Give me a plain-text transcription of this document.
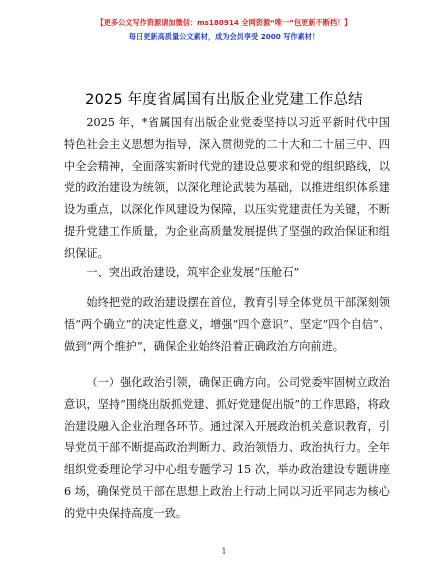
【更多公文写作资源请加微信：ms180914 全网资源“唯一”包更新不断档！】
每日更新高质量公文素材，成为会员享受 2000 写作素材！
2025 年度省属国有出版企业党建工作总结

2025 年，*省属国有出版企业党委坚持以习近平新时代中国特色社会主义思想为指导，深入贯彻党的二十大和二十届三中、四中全会精神，全面落实新时代党的建设总要求和党的组织路线，以党的政治建设为统领，以深化理论武装为基础，以推进组织体系建设为重点，以深化作风建设为保障，以压实党建责任为关键，不断提升党建工作质量，为企业高质量发展提供了坚强的政治保证和组织保证。

一、突出政治建设，筑牢企业发展“压舱石”

始终把党的政治建设摆在首位，教育引导全体党员干部深刻领悟“两个确立”的决定性意义，增强“四个意识”、坚定“四个自信”、做到“两个维护”，确保企业始终沿着正确政治方向前进。

（一）强化政治引领，确保正确方向。公司党委牢固树立政治意识，坚持“围绕出版抓党建、抓好党建促出版”的工作思路，将政治建设融入企业治理各环节。通过深入开展政治机关意识教育，引导党员干部不断提高政治判断力、政治领悟力、政治执行力。全年组织党委理论学习中心组专题学习 15 次，举办政治建设专题讲座 6 场，确保党员干部在思想上政治上行动上同以习近平同志为核心的党中央保持高度一致。

1
